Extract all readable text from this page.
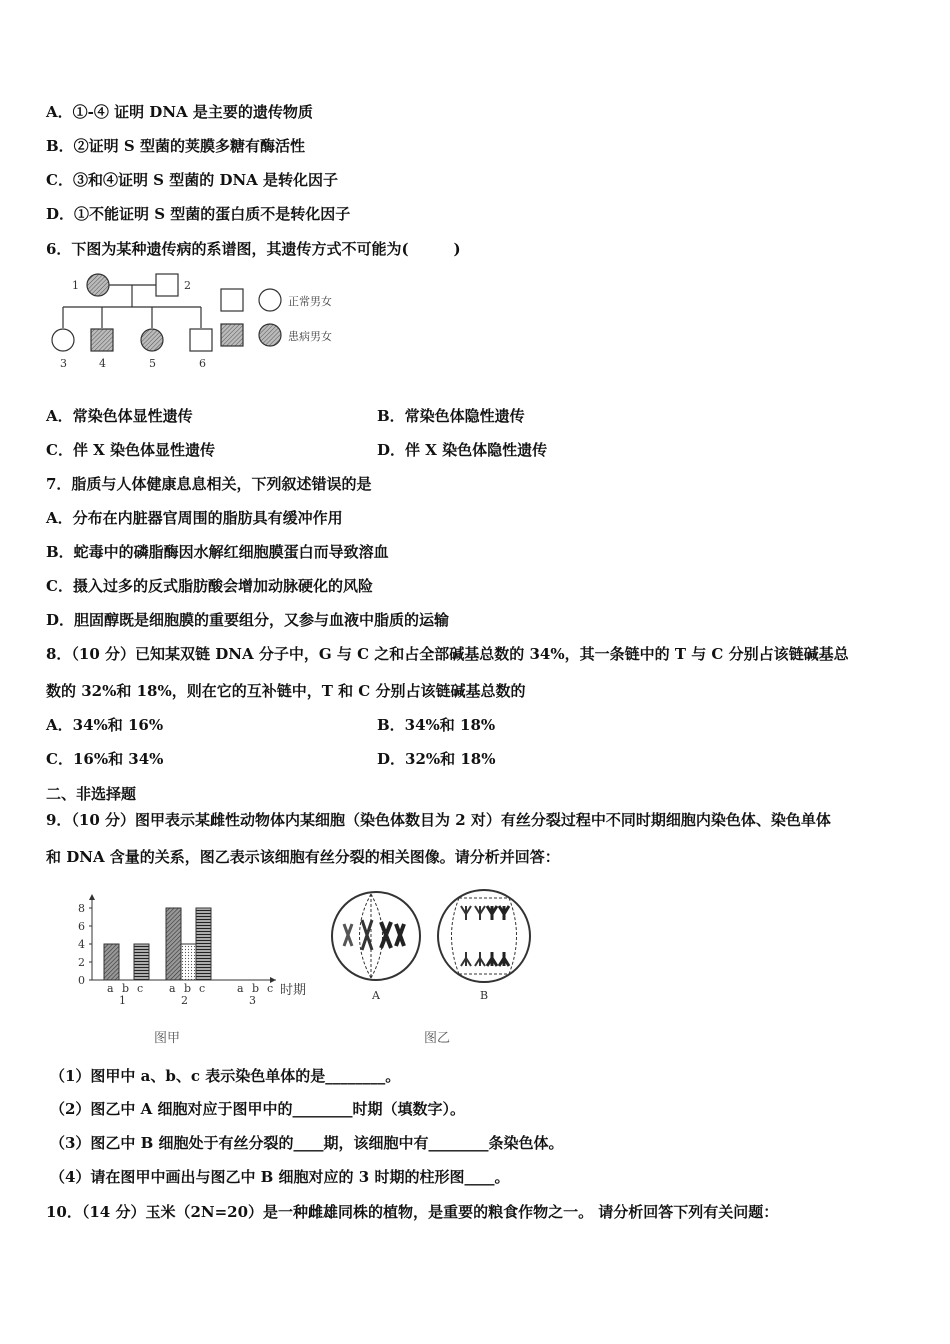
A．①-④ 证明 DNA 是主要的遗传物质
B．②证明 S 型菌的荚膜多糖有酶活性
C．③和④证明 S 型菌的 DNA 是转化因子
D．①不能证明 S 型菌的蛋白质不是转化因子
6．下图为某种遗传病的系谱图，其遗传方式不可能为(　　　)
1	2
3	4	5	6
正常男女
患病男女
A．常染色体显性遗传	B．常染色体隐性遗传
C．伴 X 染色体显性遗传	D．伴 X 染色体隐性遗传
7．脂质与人体健康息息相关，下列叙述错误的是
A．分布在内脏器官周围的脂肪具有缓冲作用
B．蛇毒中的磷脂酶因水解红细胞膜蛋白而导致溶血
C．摄入过多的反式脂肪酸会增加动脉硬化的风险
D．胆固醇既是细胞膜的重要组分，又参与血液中脂质的运输
8．（10 分）已知某双链 DNA 分子中，G 与 C 之和占全部碱基总数的 34%，其一条链中的 T 与 C 分别占该链碱基总
数的 32%和 18%，则在它的互补链中，T 和 C 分别占该链碱基总数的
A．34%和 16%	B．34%和 18%
C．16%和 34%	D．32%和 18%
二、非选择题
9．（10 分）图甲表示某雌性动物体内某细胞（染色体数目为 2 对）有丝分裂过程中不同时期细胞内染色体、染色单体
和 DNA 含量的关系，图乙表示该细胞有丝分裂的相关图像。请分析并回答：
0
2
4
6
8
a b c
1
a b c
2
a b c
3
时期
图甲
A	B
图乙
（1）图甲中 a、b、c 表示染色单体的是________。
（2）图乙中 A 细胞对应于图甲中的________时期（填数字）。
（3）图乙中 B 细胞处于有丝分裂的____期，该细胞中有________条染色体。
（4）请在图甲中画出与图乙中 B 细胞对应的 3 时期的柱形图____。
10．（14 分）玉米（2N=20）是一种雌雄同株的植物，是重要的粮食作物之一。 请分析回答下列有关问题：
